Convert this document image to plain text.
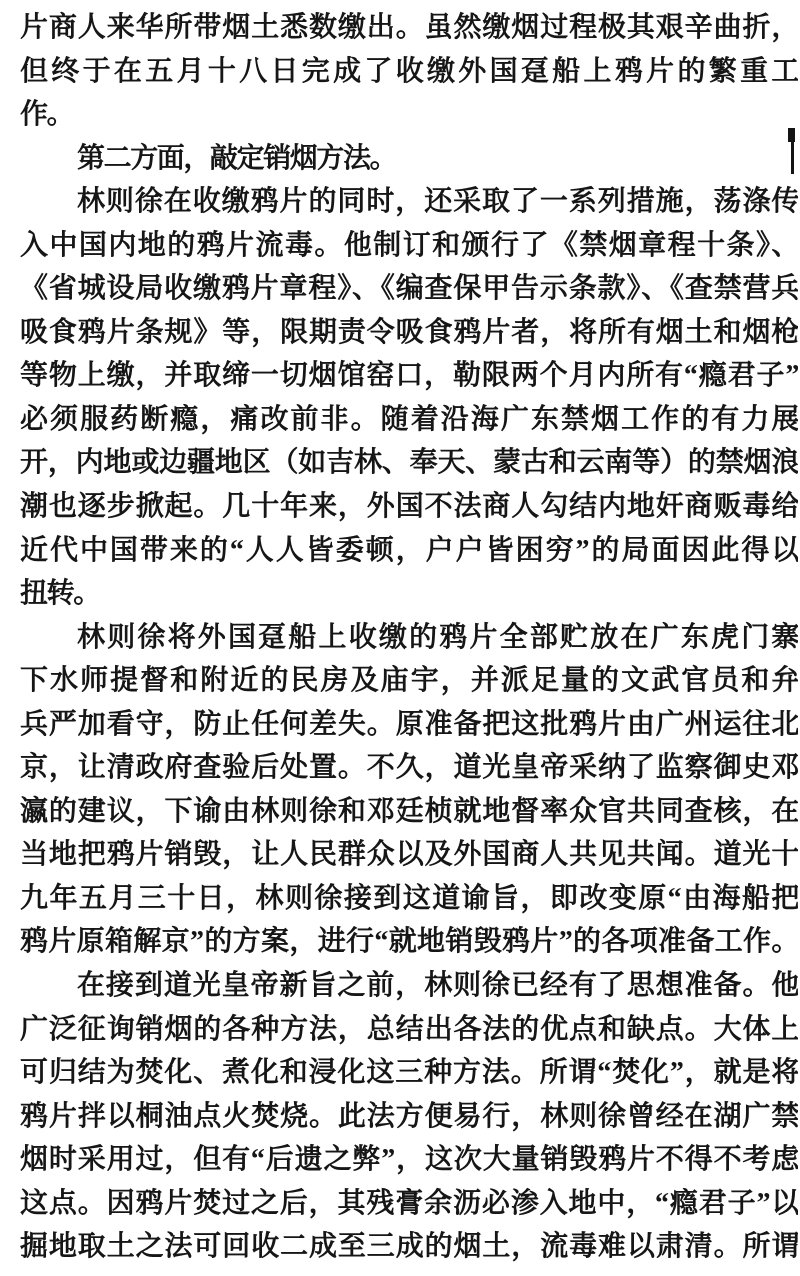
片商人来华所带烟土悉数缴出。虽然缴烟过程极其艰辛曲折，
但终于在五月十八日完成了收缴外国趸船上鸦片的繁重工
作。
第二方面，敲定销烟方法。
林则徐在收缴鸦片的同时，还采取了一系列措施，荡涤传
入中国内地的鸦片流毒。他制订和颁行了《禁烟章程十条》、
《省城设局收缴鸦片章程》、《编查保甲告示条款》、《查禁营兵
吸食鸦片条规》等，限期责令吸食鸦片者，将所有烟土和烟枪
等物上缴，并取缔一切烟馆窑口，勒限两个月内所有“瘾君子”
必须服药断瘾，痛改前非。随着沿海广东禁烟工作的有力展
开，内地或边疆地区（如吉林、奉天、蒙古和云南等）的禁烟浪
潮也逐步掀起。几十年来，外国不法商人勾结内地奸商贩毒给
近代中国带来的“人人皆委顿，户户皆困穷”的局面因此得以
扭转。
林则徐将外国趸船上收缴的鸦片全部贮放在广东虎门寨
下水师提督和附近的民房及庙宇，并派足量的文武官员和弁
兵严加看守，防止任何差失。原准备把这批鸦片由广州运往北
京，让清政府查验后处置。不久，道光皇帝采纳了监察御史邓
瀛的建议，下谕由林则徐和邓廷桢就地督率众官共同查核，在
当地把鸦片销毁，让人民群众以及外国商人共见共闻。道光十
九年五月三十日，林则徐接到这道谕旨，即改变原“由海船把
鸦片原箱解京”的方案，进行“就地销毁鸦片”的各项准备工作。
在接到道光皇帝新旨之前，林则徐已经有了思想准备。他
广泛征询销烟的各种方法，总结出各法的优点和缺点。大体上
可归结为焚化、煮化和浸化这三种方法。所谓“焚化”，就是将
鸦片拌以桐油点火焚烧。此法方便易行，林则徐曾经在湖广禁
烟时采用过，但有“后遗之弊”，这次大量销毁鸦片不得不考虑
这点。因鸦片焚过之后，其残膏余沥必渗入地中，“瘾君子”以
掘地取土之法可回收二成至三成的烟土，流毒难以肃清。所谓
